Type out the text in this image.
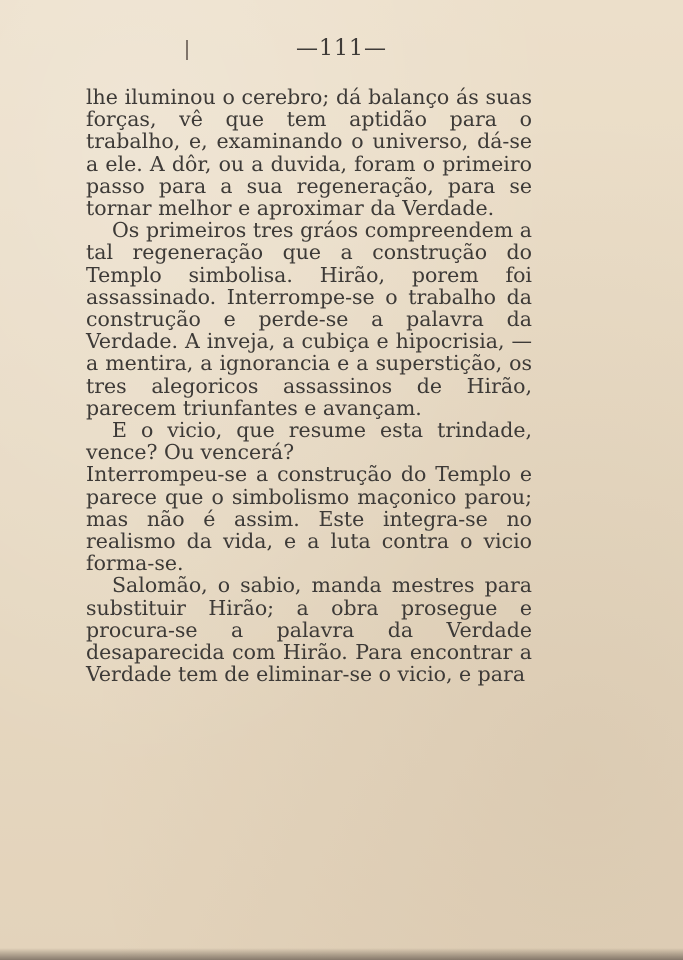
—111—

lhe iluminou o cerebro; dá balanço ás suas forças, vê que tem aptidão para o trabalho, e, examinando o universo, dá-se a ele. A dôr, ou a duvida, foram o primeiro passo para a sua regeneração, para se tornar melhor e aproximar da Verdade.

Os primeiros tres gráos compreendem a tal regeneração que a construção do Templo simbolisa. Hirão, porem foi assassinado. Interrompe-se o trabalho da construção e perde-se a palavra da Verdade. A inveja, a cubiça e hipocrisia, — a mentira, a ignorancia e a superstição, os tres alegoricos assassinos de Hirão, parecem triunfantes e avançam.

E o vicio, que resume esta trindade, vence? Ou vencerá?

Interrompeu-se a construção do Templo e parece que o simbolismo maçonico parou; mas não é assim. Este integra-se no realismo da vida, e a luta contra o vicio forma-se.

Salomão, o sabio, manda mestres para substituir Hirão; a obra prosegue e procura-se a palavra da Verdade desaparecida com Hirão. Para encontrar a Verdade tem de eliminar-se o vicio, e para
